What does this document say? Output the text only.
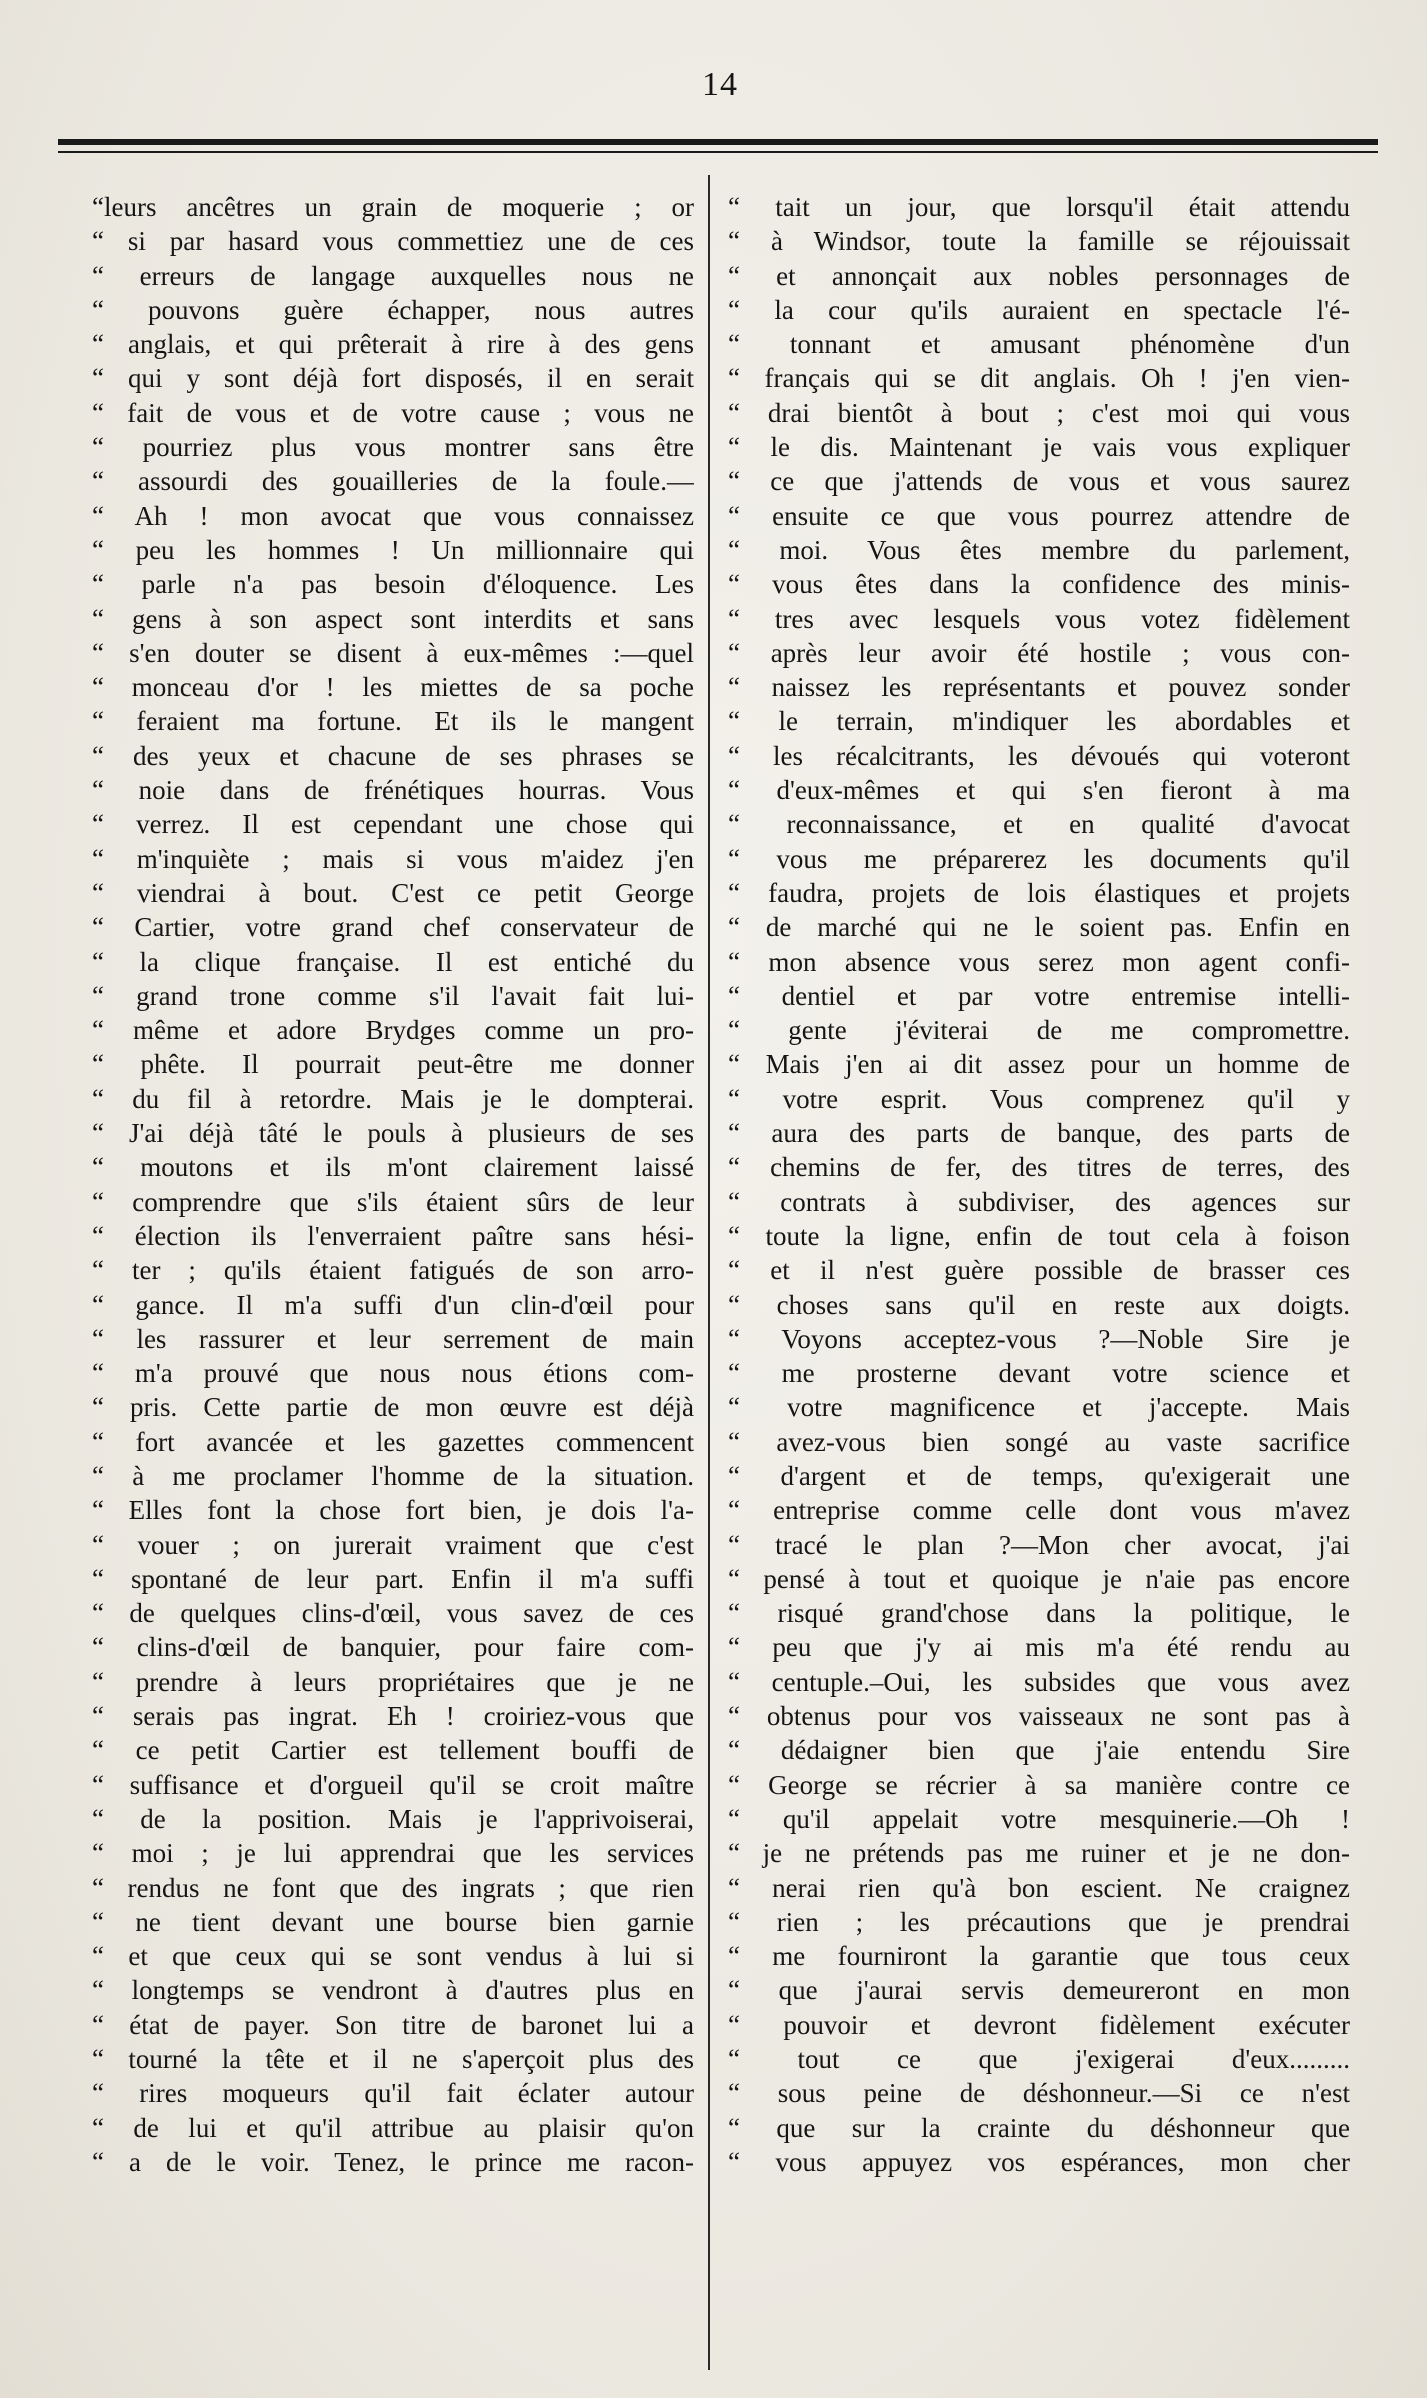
14
“leurs ancêtres un grain de moquerie ; or
“ si par hasard vous commettiez une de ces
“ erreurs de langage auxquelles nous ne
“ pouvons guère échapper, nous autres
“ anglais, et qui prêterait à rire à des gens
“ qui y sont déjà fort disposés, il en serait
“ fait de vous et de votre cause ; vous ne
“ pourriez plus vous montrer sans être
“ assourdi des gouailleries de la foule.—
“ Ah ! mon avocat que vous connaissez
“ peu les hommes ! Un millionnaire qui
“ parle n'a pas besoin d'éloquence. Les
“ gens à son aspect sont interdits et sans
“ s'en douter se disent à eux-mêmes :—quel
“ monceau d'or ! les miettes de sa poche
“ feraient ma fortune. Et ils le mangent
“ des yeux et chacune de ses phrases se
“ noie dans de frénétiques hourras. Vous
“ verrez. Il est cependant une chose qui
“ m'inquiète ; mais si vous m'aidez j'en
“ viendrai à bout. C'est ce petit George
“ Cartier, votre grand chef conservateur de
“ la clique française. Il est entiché du
“ grand trone comme s'il l'avait fait lui-
“ même et adore Brydges comme un pro-
“ phête. Il pourrait peut-être me donner
“ du fil à retordre. Mais je le dompterai.
“ J'ai déjà tâté le pouls à plusieurs de ses
“ moutons et ils m'ont clairement laissé
“ comprendre que s'ils étaient sûrs de leur
“ élection ils l'enverraient paître sans hési-
“ ter ; qu'ils étaient fatigués de son arro-
“ gance. Il m'a suffi d'un clin-d'œil pour
“ les rassurer et leur serrement de main
“ m'a prouvé que nous nous étions com-
“ pris. Cette partie de mon œuvre est déjà
“ fort avancée et les gazettes commencent
“ à me proclamer l'homme de la situation.
“ Elles font la chose fort bien, je dois l'a-
“ vouer ; on jurerait vraiment que c'est
“ spontané de leur part. Enfin il m'a suffi
“ de quelques clins-d'œil, vous savez de ces
“ clins-d'œil de banquier, pour faire com-
“ prendre à leurs propriétaires que je ne
“ serais pas ingrat. Eh ! croiriez-vous que
“ ce petit Cartier est tellement bouffi de
“ suffisance et d'orgueil qu'il se croit maître
“ de la position. Mais je l'apprivoiserai,
“ moi ; je lui apprendrai que les services
“ rendus ne font que des ingrats ; que rien
“ ne tient devant une bourse bien garnie
“ et que ceux qui se sont vendus à lui si
“ longtemps se vendront à d'autres plus en
“ état de payer. Son titre de baronet lui a
“ tourné la tête et il ne s'aperçoit plus des
“ rires moqueurs qu'il fait éclater autour
“ de lui et qu'il attribue au plaisir qu'on
“ a de le voir. Tenez, le prince me racon-
“ tait un jour, que lorsqu'il était attendu
“ à Windsor, toute la famille se réjouissait
“ et annonçait aux nobles personnages de
“ la cour qu'ils auraient en spectacle l'é-
“ tonnant et amusant phénomène d'un
“ français qui se dit anglais. Oh ! j'en vien-
“ drai bientôt à bout ; c'est moi qui vous
“ le dis. Maintenant je vais vous expliquer
“ ce que j'attends de vous et vous saurez
“ ensuite ce que vous pourrez attendre de
“ moi. Vous êtes membre du parlement,
“ vous êtes dans la confidence des minis-
“ tres avec lesquels vous votez fidèlement
“ après leur avoir été hostile ; vous con-
“ naissez les représentants et pouvez sonder
“ le terrain, m'indiquer les abordables et
“ les récalcitrants, les dévoués qui voteront
“ d'eux-mêmes et qui s'en fieront à ma
“ reconnaissance, et en qualité d'avocat
“ vous me préparerez les documents qu'il
“ faudra, projets de lois élastiques et projets
“ de marché qui ne le soient pas. Enfin en
“ mon absence vous serez mon agent confi-
“ dentiel et par votre entremise intelli-
“ gente j'éviterai de me compromettre.
“ Mais j'en ai dit assez pour un homme de
“ votre esprit. Vous comprenez qu'il y
“ aura des parts de banque, des parts de
“ chemins de fer, des titres de terres, des
“ contrats à subdiviser, des agences sur
“ toute la ligne, enfin de tout cela à foison
“ et il n'est guère possible de brasser ces
“ choses sans qu'il en reste aux doigts.
“ Voyons acceptez-vous ?—Noble Sire je
“ me prosterne devant votre science et
“ votre magnificence et j'accepte. Mais
“ avez-vous bien songé au vaste sacrifice
“ d'argent et de temps, qu'exigerait une
“ entreprise comme celle dont vous m'avez
“ tracé le plan ?—Mon cher avocat, j'ai
“ pensé à tout et quoique je n'aie pas encore
“ risqué grand'chose dans la politique, le
“ peu que j'y ai mis m'a été rendu au
“ centuple.–Oui, les subsides que vous avez
“ obtenus pour vos vaisseaux ne sont pas à
“ dédaigner bien que j'aie entendu Sire
“ George se récrier à sa manière contre ce
“ qu'il appelait votre mesquinerie.—Oh !
“ je ne prétends pas me ruiner et je ne don-
“ nerai rien qu'à bon escient. Ne craignez
“ rien ; les précautions que je prendrai
“ me fourniront la garantie que tous ceux
“ que j'aurai servis demeureront en mon
“ pouvoir et devront fidèlement exécuter
“ tout ce que j'exigerai d'eux.........
“ sous peine de déshonneur.—Si ce n'est
“ que sur la crainte du déshonneur que
“ vous appuyez vos espérances, mon cher
